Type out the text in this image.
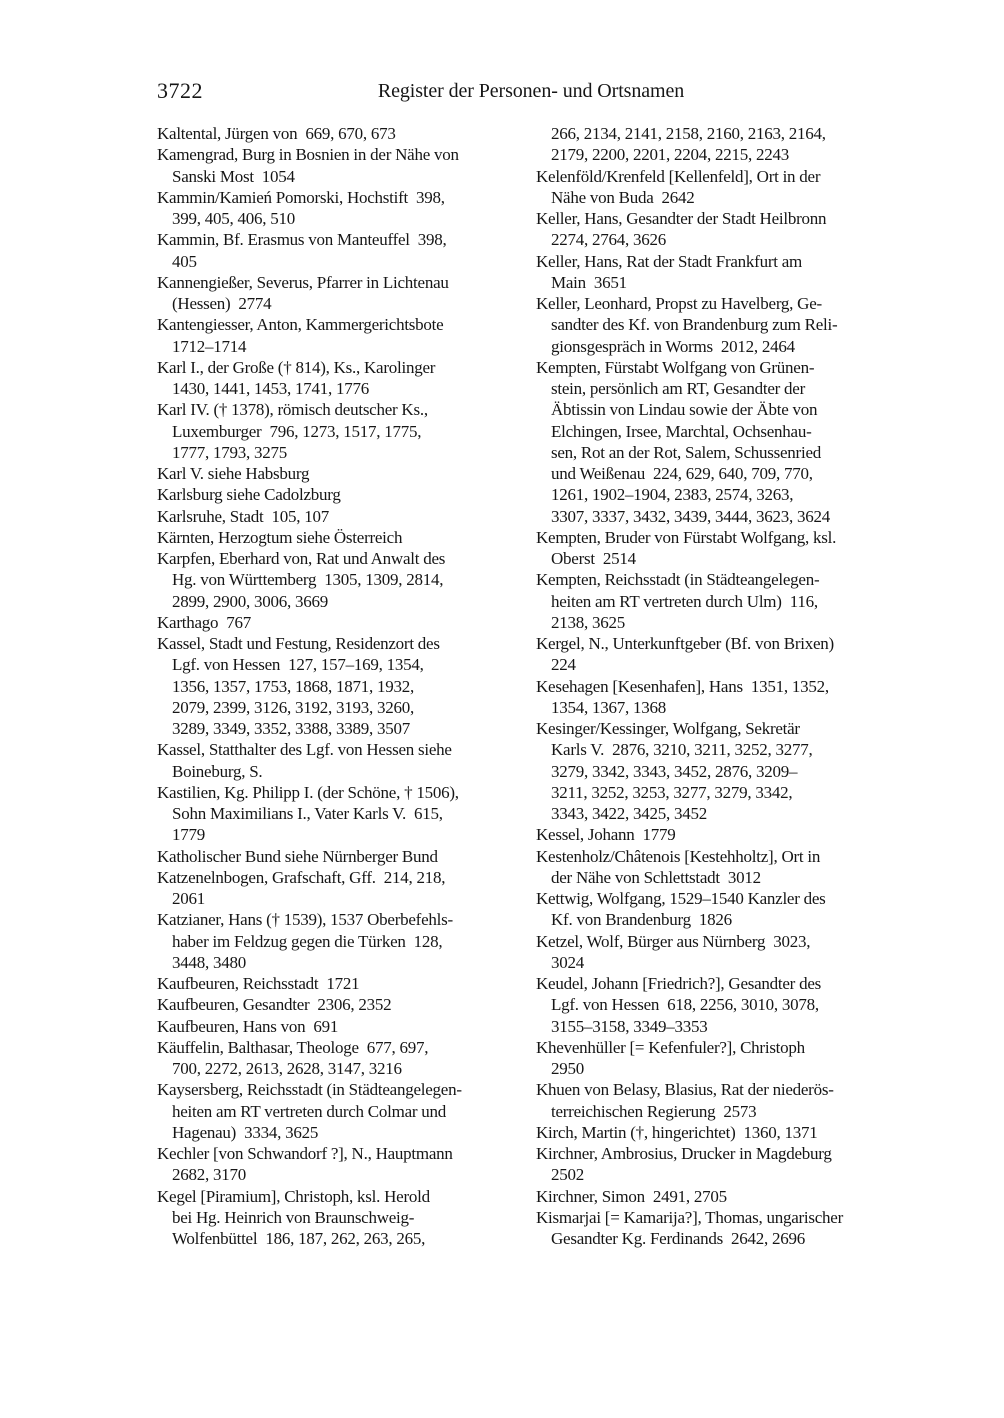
3722	Register der Personen- und Ortsnamen
Kaltental, Jürgen von  669, 670, 673
Kamengrad, Burg in Bosnien in der Nähe von
Sanski Most  1054
Kammin/Kamień Pomorski, Hochstift  398,
399, 405, 406, 510
Kammin, Bf. Erasmus von Manteuffel  398,
405
Kannengießer, Severus, Pfarrer in Lichtenau
(Hessen)  2774
Kantengiesser, Anton, Kammergerichtsbote
1712–1714
Karl I., der Große († 814), Ks., Karolinger
1430, 1441, 1453, 1741, 1776
Karl IV. († 1378), römisch deutscher Ks.,
Luxemburger  796, 1273, 1517, 1775,
1777, 1793, 3275
Karl V. siehe Habsburg
Karlsburg siehe Cadolzburg
Karlsruhe, Stadt  105, 107
Kärnten, Herzogtum siehe Österreich
Karpfen, Eberhard von, Rat und Anwalt des
Hg. von Württemberg  1305, 1309, 2814,
2899, 2900, 3006, 3669
Karthago  767
Kassel, Stadt und Festung, Residenzort des
Lgf. von Hessen  127, 157–169, 1354,
1356, 1357, 1753, 1868, 1871, 1932,
2079, 2399, 3126, 3192, 3193, 3260,
3289, 3349, 3352, 3388, 3389, 3507
Kassel, Statthalter des Lgf. von Hessen siehe
Boineburg, S.
Kastilien, Kg. Philipp I. (der Schöne, † 1506),
Sohn Maximilians I., Vater Karls V.  615,
1779
Katholischer Bund siehe Nürnberger Bund
Katzenelnbogen, Grafschaft, Gff.  214, 218,
2061
Katzianer, Hans († 1539), 1537 Oberbefehls-
haber im Feldzug gegen die Türken  128,
3448, 3480
Kaufbeuren, Reichsstadt  1721
Kaufbeuren, Gesandter  2306, 2352
Kaufbeuren, Hans von  691
Käuffelin, Balthasar, Theologe  677, 697,
700, 2272, 2613, 2628, 3147, 3216
Kaysersberg, Reichsstadt (in Städteangelegen-
heiten am RT vertreten durch Colmar und
Hagenau)  3334, 3625
Kechler [von Schwandorf ?], N., Hauptmann
2682, 3170
Kegel [Piramium], Christoph, ksl. Herold
bei Hg. Heinrich von Braunschweig-
Wolfenbüttel  186, 187, 262, 263, 265,
266, 2134, 2141, 2158, 2160, 2163, 2164,
2179, 2200, 2201, 2204, 2215, 2243
Kelenföld/Krenfeld [Kellenfeld], Ort in der
Nähe von Buda  2642
Keller, Hans, Gesandter der Stadt Heilbronn
2274, 2764, 3626
Keller, Hans, Rat der Stadt Frankfurt am
Main  3651
Keller, Leonhard, Propst zu Havelberg, Ge-
sandter des Kf. von Brandenburg zum Reli-
gionsgespräch in Worms  2012, 2464
Kempten, Fürstabt Wolfgang von Grünen-
stein, persönlich am RT, Gesandter der
Äbtissin von Lindau sowie der Äbte von
Elchingen, Irsee, Marchtal, Ochsenhau-
sen, Rot an der Rot, Salem, Schussenried
und Weißenau  224, 629, 640, 709, 770,
1261, 1902–1904, 2383, 2574, 3263,
3307, 3337, 3432, 3439, 3444, 3623, 3624
Kempten, Bruder von Fürstabt Wolfgang, ksl.
Oberst  2514
Kempten, Reichsstadt (in Städteangelegen-
heiten am RT vertreten durch Ulm)  116,
2138, 3625
Kergel, N., Unterkunftgeber (Bf. von Brixen)
224
Kesehagen [Kesenhafen], Hans  1351, 1352,
1354, 1367, 1368
Kesinger/Kessinger, Wolfgang, Sekretär
Karls V.  2876, 3210, 3211, 3252, 3277,
3279, 3342, 3343, 3452, 2876, 3209–
3211, 3252, 3253, 3277, 3279, 3342,
3343, 3422, 3425, 3452
Kessel, Johann  1779
Kestenholz/Châtenois [Kestehholtz], Ort in
der Nähe von Schlettstadt  3012
Kettwig, Wolfgang, 1529–1540 Kanzler des
Kf. von Brandenburg  1826
Ketzel, Wolf, Bürger aus Nürnberg  3023,
3024
Keudel, Johann [Friedrich?], Gesandter des
Lgf. von Hessen  618, 2256, 3010, 3078,
3155–3158, 3349–3353
Khevenhüller [= Kefenfuler?], Christoph
2950
Khuen von Belasy, Blasius, Rat der niederös-
terreichischen Regierung  2573
Kirch, Martin (†, hingerichtet)  1360, 1371
Kirchner, Ambrosius, Drucker in Magdeburg
2502
Kirchner, Simon  2491, 2705
Kismarjai [= Kamarija?], Thomas, ungarischer
Gesandter Kg. Ferdinands  2642, 2696
